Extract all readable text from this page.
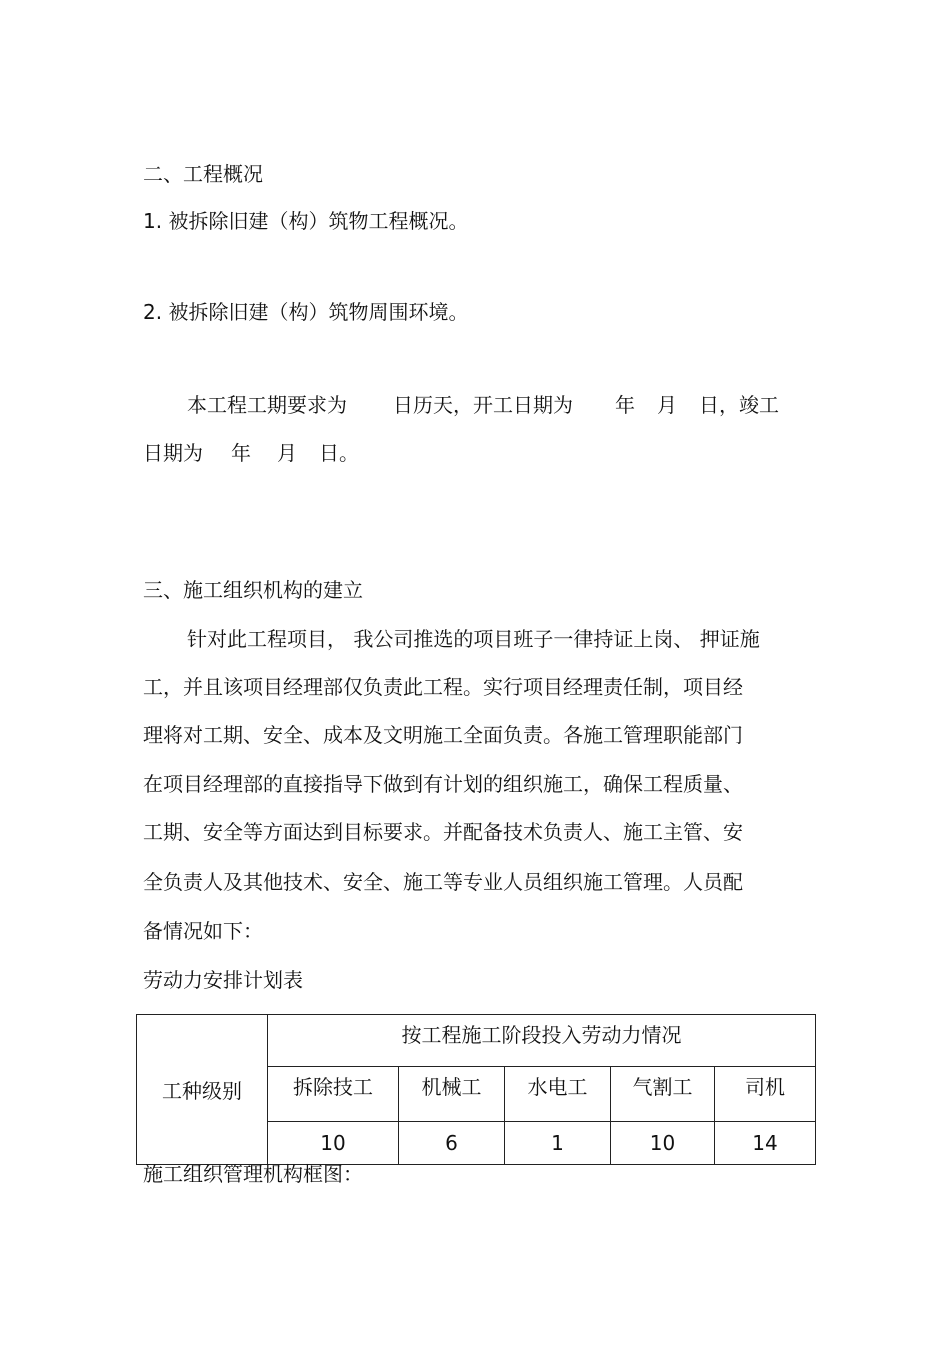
二、工程概况
1. 被拆除旧建（构）筑物工程概况。
2. 被拆除旧建（构）筑物周围环境。
本工程工期要求为 日历天，开工日期为 年 月 日，竣工
日期为 年 月 日。
三、施工组织机构的建立
针对此工程项目， 我公司推选的项目班子一律持证上岗、 押证施
工，并且该项目经理部仅负责此工程。实行项目经理责任制，项目经
理将对工期、安全、成本及文明施工全面负责。各施工管理职能部门
在项目经理部的直接指导下做到有计划的组织施工，确保工程质量、
工期、安全等方面达到目标要求。并配备技术负责人、施工主管、安
全负责人及其他技术、安全、施工等专业人员组织施工管理。人员配
备情况如下：
劳动力安排计划表
工种级别	按工程施工阶段投入劳动力情况				
	拆除技工	机械工	水电工	气割工	司机
	10	6	1	10	14
施工组织管理机构框图：
